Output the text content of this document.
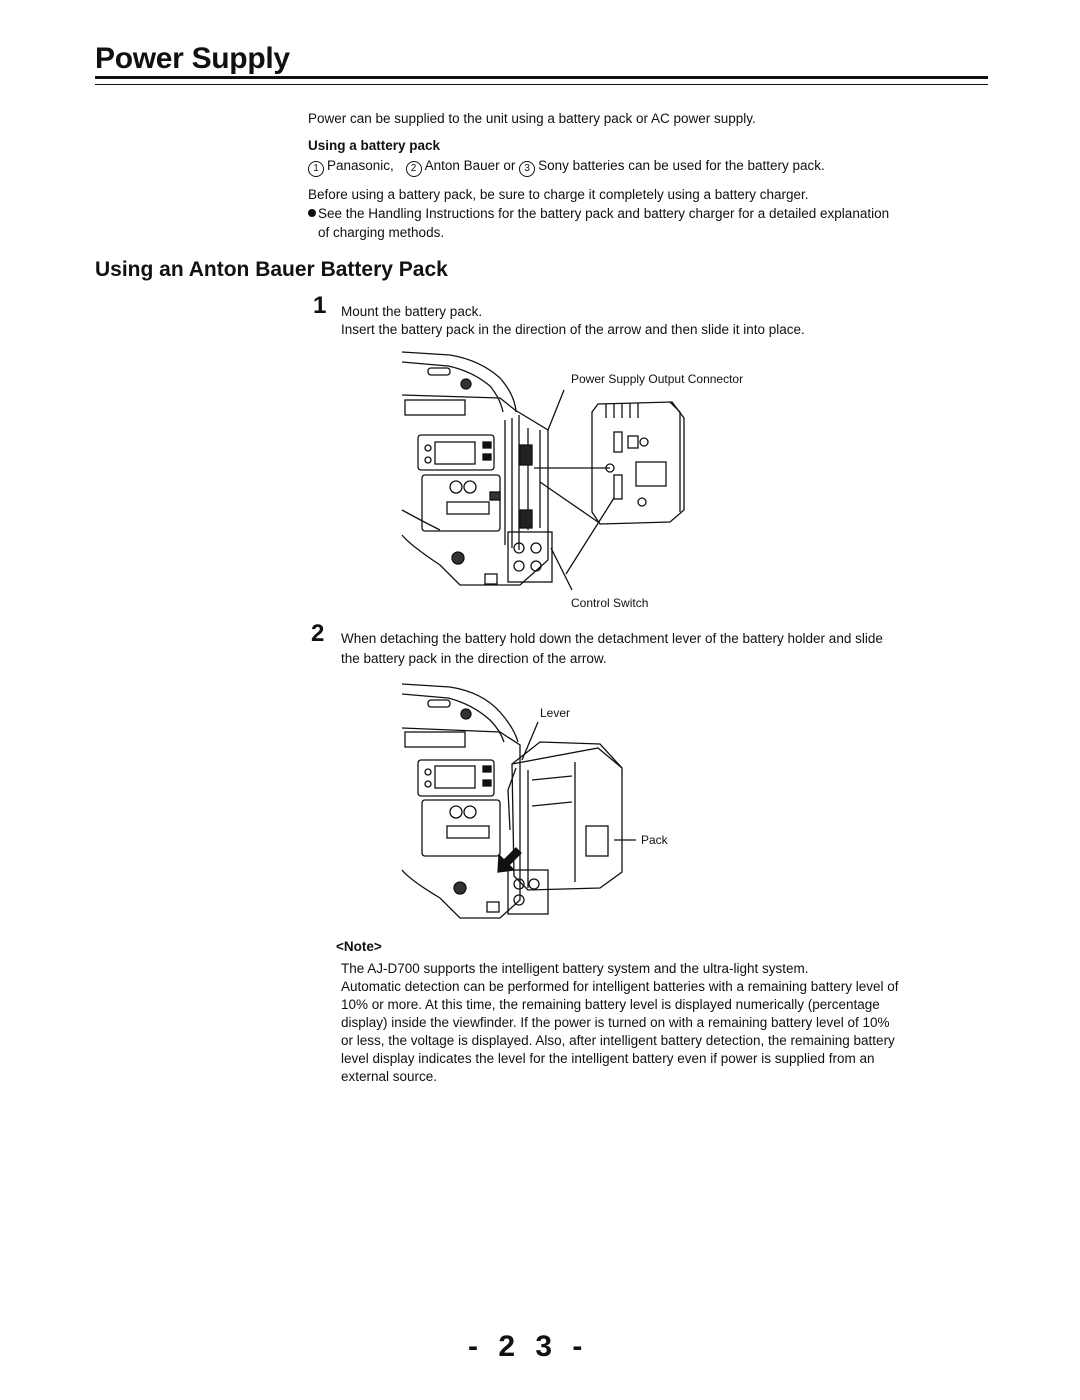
Power Supply
Power can be supplied to the unit using a battery pack or AC power supply.
Using a battery pack
1 Panasonic, 2 Anton Bauer or 3 Sony batteries can be used for the battery pack.
Before using a battery pack, be sure to charge it completely using a battery charger.
See the Handling Instructions for the battery pack and battery charger for a detailed explanation
of charging methods.
Using an Anton Bauer Battery Pack
1 Mount the battery pack.
Insert the battery pack in the direction of the arrow and then slide it into place.
Power Supply Output Connector
Control Switch
2 When detaching the battery hold down the detachment lever of the battery holder and slide
the battery pack in the direction of the arrow.
Lever
Pack
<Note>
The AJ-D700 supports the intelligent battery system and the ultra-light system.
Automatic detection can be performed for intelligent batteries with a remaining battery level of
10% or more. At this time, the remaining battery level is displayed numerically (percentage
display) inside the viewfinder. If the power is turned on with a remaining battery level of 10%
or less, the voltage is displayed. Also, after intelligent battery detection, the remaining battery
level display indicates the level for the intelligent battery even if power is supplied from an
external source.
- 2 3 -
